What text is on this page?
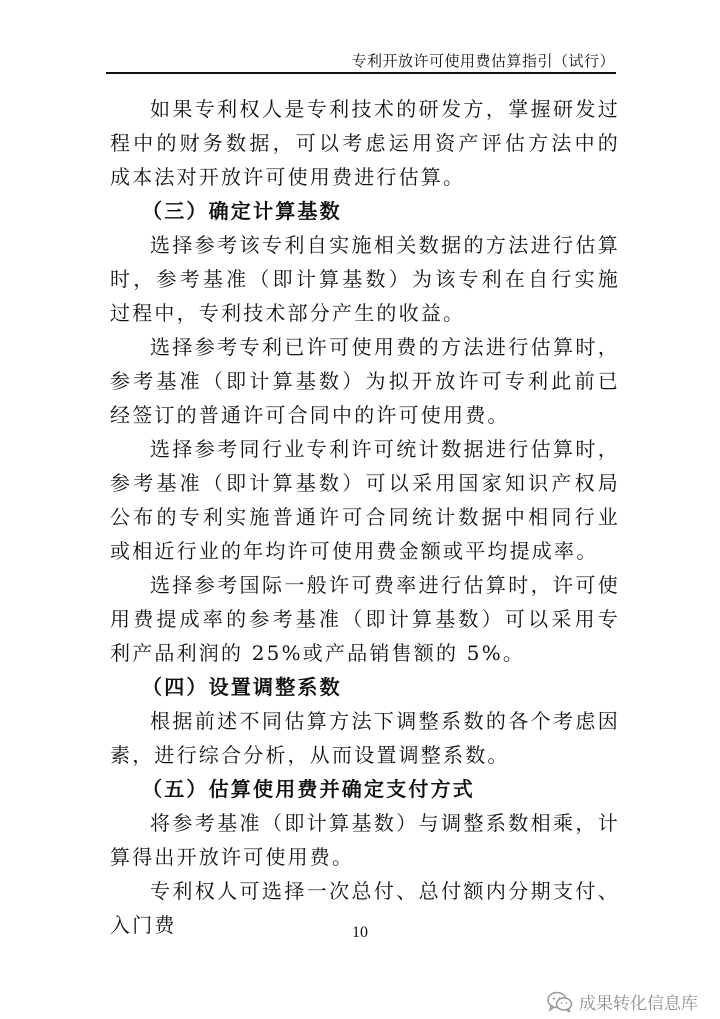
专利开放许可使用费估算指引（试行）

如果专利权人是专利技术的研发方，掌握研发过程中的财务数据，可以考虑运用资产评估方法中的成本法对开放许可使用费进行估算。

（三）确定计算基数

选择参考该专利自实施相关数据的方法进行估算时，参考基准（即计算基数）为该专利在自行实施过程中，专利技术部分产生的收益。

选择参考专利已许可使用费的方法进行估算时，参考基准（即计算基数）为拟开放许可专利此前已经签订的普通许可合同中的许可使用费。

选择参考同行业专利许可统计数据进行估算时，参考基准（即计算基数）可以采用国家知识产权局公布的专利实施普通许可合同统计数据中相同行业或相近行业的年均许可使用费金额或平均提成率。

选择参考国际一般许可费率进行估算时，许可使用费提成率的参考基准（即计算基数）可以采用专利产品利润的 25%或产品销售额的 5%。

（四）设置调整系数

根据前述不同估算方法下调整系数的各个考虑因素，进行综合分析，从而设置调整系数。

（五）估算使用费并确定支付方式

将参考基准（即计算基数）与调整系数相乘，计算得出开放许可使用费。

专利权人可选择一次总付、总付额内分期支付、入门费	10
成果转化信息库
